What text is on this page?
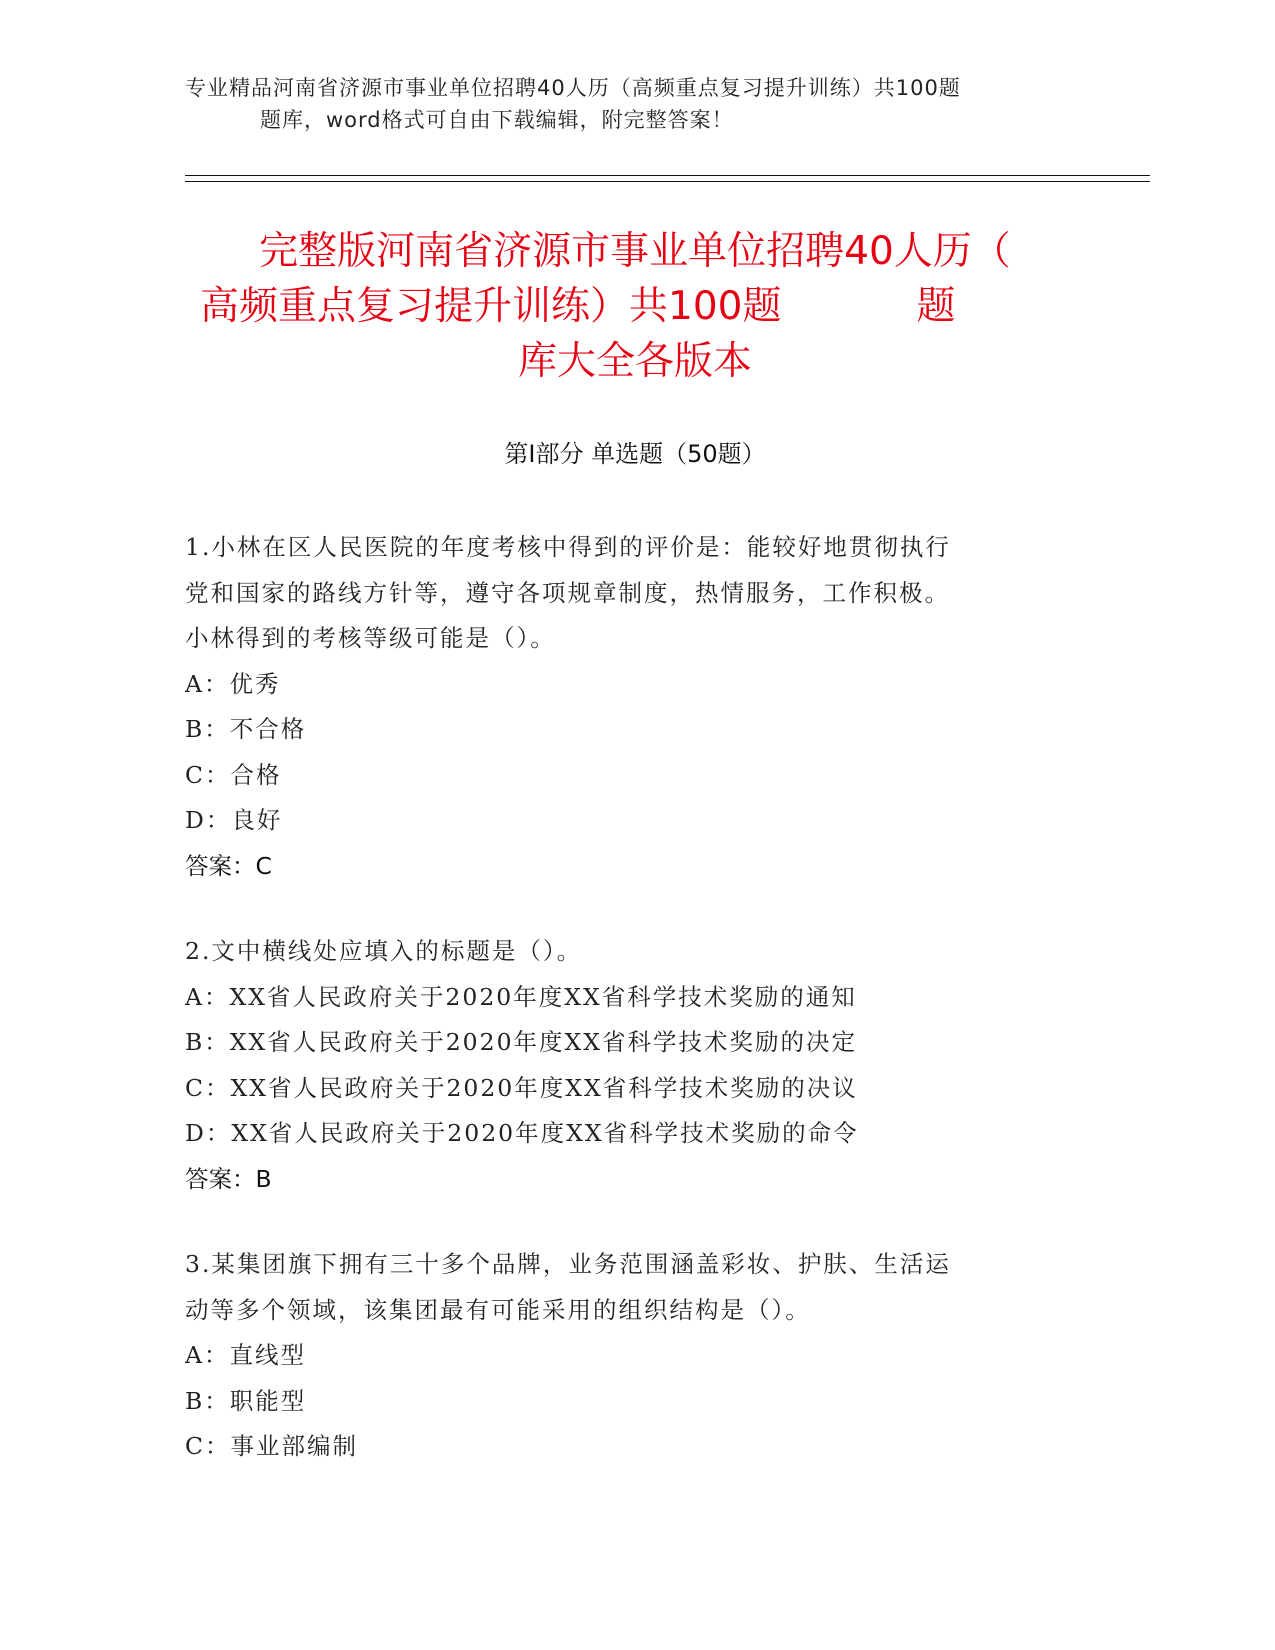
专业精品河南省济源市事业单位招聘40人历（高频重点复习提升训练）共100题
题库，word格式可自由下载编辑，附完整答案！
完整版河南省济源市事业单位招聘40人历（
高频重点复习提升训练）共100题	题
库大全各版本
第Ⅰ部分 单选题（50题）
1.小林在区人民医院的年度考核中得到的评价是：能较好地贯彻执行
党和国家的路线方针等，遵守各项规章制度，热情服务，工作积极。
小林得到的考核等级可能是（）。
A：优秀
B：不合格
C：合格
D：良好
答案：C
2.文中横线处应填入的标题是（）。
A：XX省人民政府关于2020年度XX省科学技术奖励的通知
B：XX省人民政府关于2020年度XX省科学技术奖励的决定
C：XX省人民政府关于2020年度XX省科学技术奖励的决议
D：XX省人民政府关于2020年度XX省科学技术奖励的命令
答案：B
3.某集团旗下拥有三十多个品牌，业务范围涵盖彩妆、护肤、生活运
动等多个领域，该集团最有可能采用的组织结构是（）。
A：直线型
B：职能型
C：事业部编制
